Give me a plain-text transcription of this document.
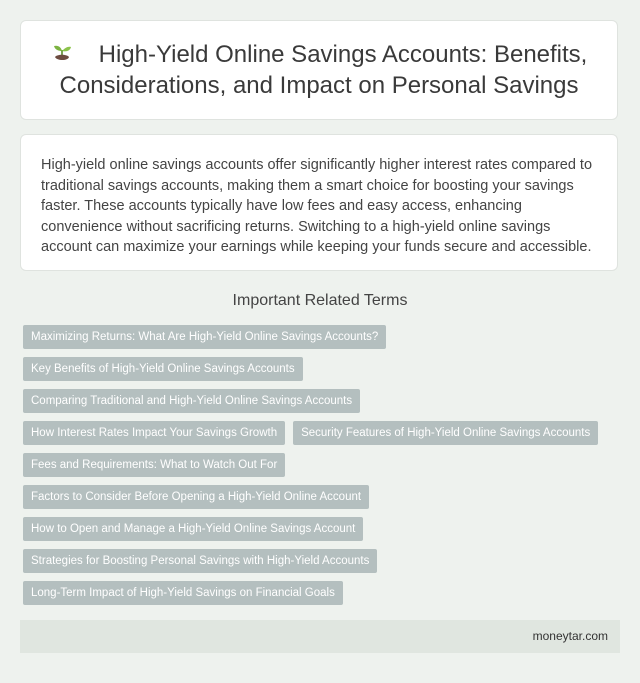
High-Yield Online Savings Accounts: Benefits, Considerations, and Impact on Personal Savings

High-yield online savings accounts offer significantly higher interest rates compared to traditional savings accounts, making them a smart choice for boosting your savings faster. These accounts typically have low fees and easy access, enhancing convenience without sacrificing returns. Switching to a high-yield online savings account can maximize your earnings while keeping your funds secure and accessible.

Important Related Terms
Maximizing Returns: What Are High-Yield Online Savings Accounts?
Key Benefits of High-Yield Online Savings Accounts
Comparing Traditional and High-Yield Online Savings Accounts
How Interest Rates Impact Your Savings Growth	Security Features of High-Yield Online Savings Accounts
Fees and Requirements: What to Watch Out For
Factors to Consider Before Opening a High-Yield Online Account
How to Open and Manage a High-Yield Online Savings Account
Strategies for Boosting Personal Savings with High-Yield Accounts
Long-Term Impact of High-Yield Savings on Financial Goals
moneytar.com
